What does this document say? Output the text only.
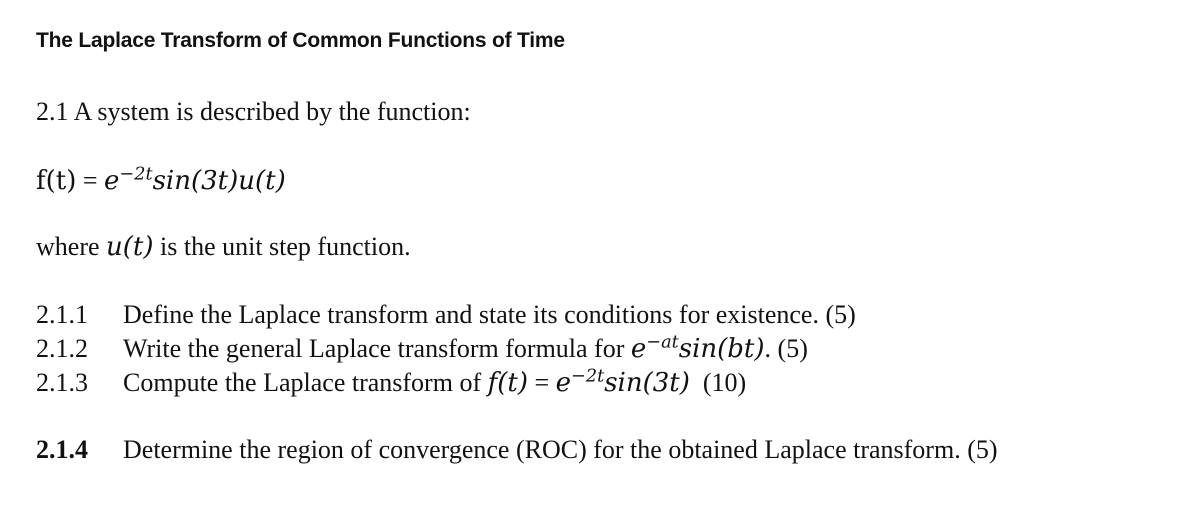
The Laplace Transform of Common Functions of Time
2.1 A system is described by the function:
$f(t) = e^{-2t}\sin(3t)u(t)$
where u(t) is the unit step function.
2.1.1 Define the Laplace transform and state its conditions for existence. (5)
2.1.2 Write the general Laplace transform formula for $e^{-at}\sin(bt)$. (5)
2.1.3 Compute the Laplace transform of $f(t) = e^{-2t}\sin(3t)$  (10)
2.1.4 Determine the region of convergence (ROC) for the obtained Laplace transform. (5)
